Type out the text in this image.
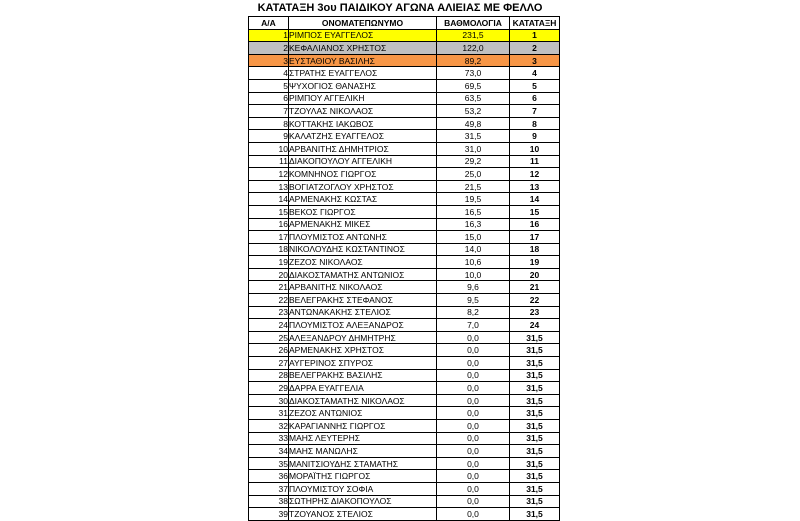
ΚΑΤΑΤΑΞΗ 3ου ΠΑΙΔΙΚΟΥ ΑΓΩΝΑ ΑΛΙΕΙΑΣ ΜΕ ΦΕΛΛΟ
Α/Α	ΟΝΟΜΑΤΕΠΩΝΥΜΟ	ΒΑΘΜΟΛΟΓΙΑ	ΚΑΤΑΤΑΞΗ
1	ΡΙΜΠΟΣ ΕΥΑΓΓΕΛΟΣ	231,5	1
2	ΚΕΦΑΛΙΑΝΟΣ ΧΡΗΣΤΟΣ	122,0	2
3	ΕΥΣΤΑΘΙΟΥ ΒΑΣΙΛΗΣ	89,2	3
4	ΣΤΡΑΤΗΣ ΕΥΑΓΓΕΛΟΣ	73,0	4
5	ΨΥΧΟΓΙΟΣ ΘΑΝΑΣΗΣ	69,5	5
6	ΡΙΜΠΟΥ ΑΓΓΕΛΙΚΗ	63,5	6
7	ΤΖΟΥΛΑΣ ΝΙΚΟΛΑΟΣ	53,2	7
8	ΚΟΤΤΑΚΗΣ ΙΑΚΩΒΟΣ	49,8	8
9	ΚΑΛΑΤΖΗΣ ΕΥΑΓΓΕΛΟΣ	31,5	9
10	ΑΡΒΑΝΙΤΗΣ ΔΗΜΗΤΡΙΟΣ	31,0	10
11	ΔΙΑΚΟΠΟΥΛΟΥ ΑΓΓΕΛΙΚΗ	29,2	11
12	ΚΟΜΝΗΝΟΣ ΓΙΩΡΓΟΣ	25,0	12
13	ΒΟΓΙΑΤΖΟΓΛΟΥ ΧΡΗΣΤΟΣ	21,5	13
14	ΑΡΜΕΝΑΚΗΣ ΚΩΣΤΑΣ	19,5	14
15	ΒΕΚΟΣ ΓΙΩΡΓΟΣ	16,5	15
16	ΑΡΜΕΝΑΚΗΣ ΜΙΚΕΣ	16,3	16
17	ΠΛΟΥΜΙΣΤΟΣ ΑΝΤΩΝΗΣ	15,0	17
18	ΝΙΚΟΛΟΥΔΗΣ ΚΩΣΤΑΝΤΙΝΟΣ	14,0	18
19	ΖΕΖΟΣ ΝΙΚΟΛΑΟΣ	10,6	19
20	ΔΙΑΚΟΣΤΑΜΑΤΗΣ ΑΝΤΩΝΙΟΣ	10,0	20
21	ΑΡΒΑΝΙΤΗΣ ΝΙΚΟΛΑΟΣ	9,6	21
22	ΒΕΛΕΓΡΑΚΗΣ ΣΤΕΦΑΝΟΣ	9,5	22
23	ΑΝΤΩΝΑΚΑΚΗΣ ΣΤΕΛΙΟΣ	8,2	23
24	ΠΛΟΥΜΙΣΤΟΣ ΑΛΕΞΑΝΔΡΟΣ	7,0	24
25	ΑΛΕΞΑΝΔΡΟΥ ΔΗΜΗΤΡΗΣ	0,0	31,5
26	ΑΡΜΕΝΑΚΗΣ ΧΡΗΣΤΟΣ	0,0	31,5
27	ΑΥΓΕΡΙΝΟΣ ΣΠΥΡΟΣ	0,0	31,5
28	ΒΕΛΕΓΡΑΚΗΣ ΒΑΣΙΛΗΣ	0,0	31,5
29	ΔΑΡΡΑ ΕΥΑΓΓΕΛΙΑ	0,0	31,5
30	ΔΙΑΚΟΣΤΑΜΑΤΗΣ ΝΙΚΟΛΑΟΣ	0,0	31,5
31	ΖΕΖΟΣ ΑΝΤΩΝΙΟΣ	0,0	31,5
32	ΚΑΡΑΓΙΑΝΝΗΣ ΓΙΩΡΓΟΣ	0,0	31,5
33	ΜΑΗΣ ΛΕΥΤΕΡΗΣ	0,0	31,5
34	ΜΑΗΣ ΜΑΝΩΛΗΣ	0,0	31,5
35	ΜΑΝΙΤΣΙΟΥΔΗΣ ΣΤΑΜΑΤΗΣ	0,0	31,5
36	ΜΟΡΑΪΤΗΣ ΓΙΩΡΓΟΣ	0,0	31,5
37	ΠΛΟΥΜΙΣΤΟΥ ΣΟΦΙΑ	0,0	31,5
38	ΣΩΤΗΡΗΣ ΔΙΑΚΟΠΟΥΛΟΣ	0,0	31,5
39	ΤΖΟΥΑΝΟΣ ΣΤΕΛΙΟΣ	0,0	31,5
